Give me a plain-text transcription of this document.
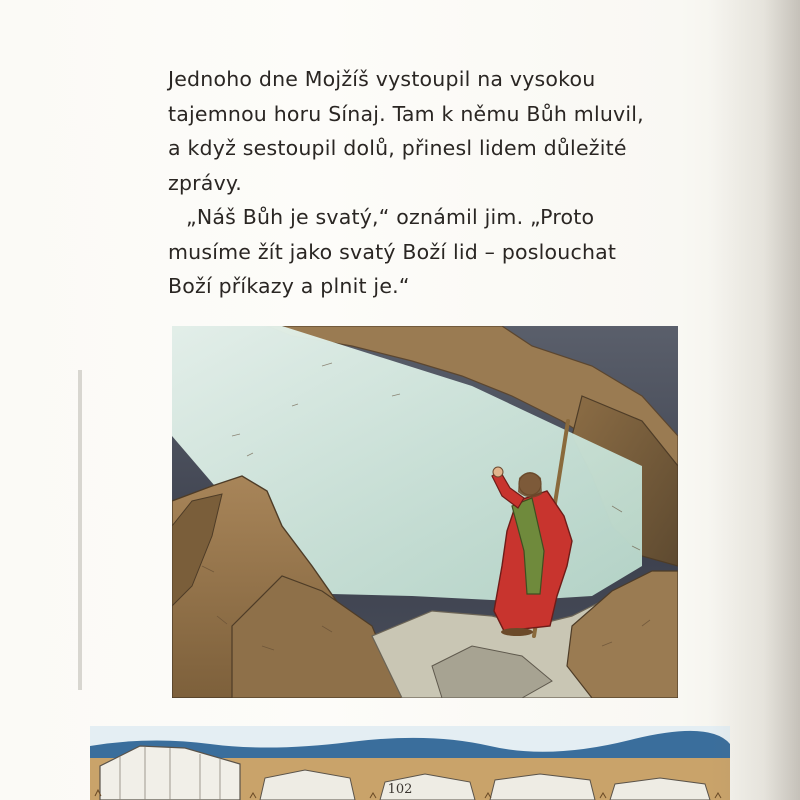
Jednoho dne Mojžíš vystoupil na vysokou
tajemnou horu Sínaj. Tam k němu Bůh mluvil,
a když sestoupil dolů, přinesl lidem důležité
zprávy.

„Náš Bůh je svatý,“ oznámil jim. „Proto
musíme žít jako svatý Boží lid – poslouchat
Boží příkazy a plnit je.“

102
